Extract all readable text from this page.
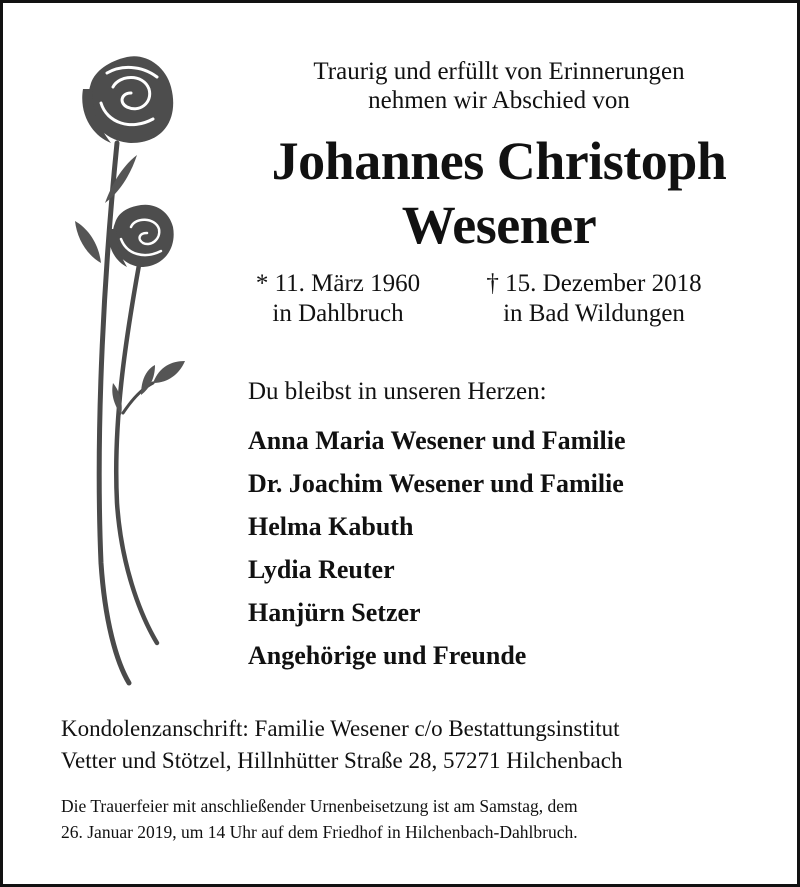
Traurig und erfüllt von Erinnerungen
nehmen wir Abschied von
Johannes Christoph
Wesener
* 11. März 1960
in Dahlbruch
† 15. Dezember 2018
in Bad Wildungen
Du bleibst in unseren Herzen:
Anna Maria Wesener und Familie
Dr. Joachim Wesener und Familie
Helma Kabuth
Lydia Reuter
Hanjürn Setzer
Angehörige und Freunde
Kondolenzanschrift: Familie Wesener c/o Bestattungsinstitut
Vetter und Stötzel, Hillnhütter Straße 28, 57271 Hilchenbach
Die Trauerfeier mit anschließender Urnenbeisetzung ist am Samstag, dem
26. Januar 2019, um 14 Uhr auf dem Friedhof in Hilchenbach-Dahlbruch.
